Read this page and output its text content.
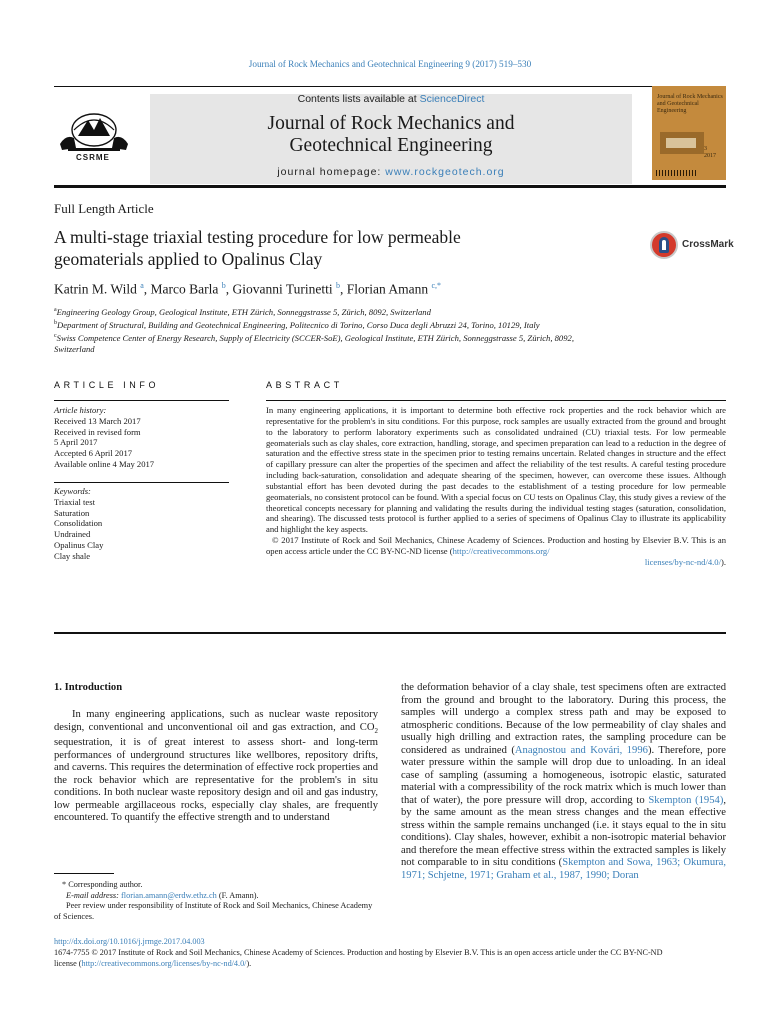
Journal of Rock Mechanics and Geotechnical Engineering 9 (2017) 519–530
Contents lists available at ScienceDirect
Journal of Rock Mechanics and
Geotechnical Engineering
journal homepage: www.rockgeotech.org
CSRME
Journal of Rock Mechanics and Geotechnical Engineering
3
2017
Full Length Article
A multi-stage triaxial testing procedure for low permeable
geomaterials applied to Opalinus Clay
CrossMark
Katrin M. Wild $^a$, Marco Barla $^b$, Giovanni Turinetti $^b$, Florian Amann $^{c,*}$
$^a$Engineering Geology Group, Geological Institute, ETH Zürich, Sonneggstrasse 5, Zürich, 8092, Switzerland
$^b$Department of Structural, Building and Geotechnical Engineering, Politecnico di Torino, Corso Duca degli Abruzzi 24, Torino, 10129, Italy
$^c$Swiss Competence Center of Energy Research, Supply of Electricity (SCCER-SoE), Geological Institute, ETH Zürich, Sonneggstrasse 5, Zürich, 8092,
Switzerland
ARTICLE INFO	ABSTRACT
Article history:
Received 13 March 2017
Received in revised form
5 April 2017
Accepted 6 April 2017
Available online 4 May 2017
Keywords:
Triaxial test
Saturation
Consolidation
Undrained
Opalinus Clay
Clay shale

In many engineering applications, it is important to determine both effective rock properties and the rock behavior which are representative for the problem's in situ conditions. For this purpose, rock samples are usually extracted from the ground and brought to the laboratory to perform laboratory experiments such as consolidated undrained (CU) triaxial tests. For low permeable geomaterials such as clay shales, core extraction, handling, storage, and specimen preparation can lead to a reduction in the degree of saturation and the effective stress state in the specimen prior to testing remains uncertain. Related changes in structure and the effect of capillary pressure can alter the properties of the specimen and affect the reliability of the test results. A careful testing procedure including back-saturation, consolidation and adequate shearing of the specimen, however, can overcome these issues. Although substantial effort has been devoted during the past decades to the establishment of a testing procedure for low permeable geomaterials, no consistent protocol can be found. With a special focus on CU tests on Opalinus Clay, this study gives a review of the theoretical concepts necessary for planning and validating the results during the individual testing stages (saturation, consolidation, and shearing). The discussed tests protocol is further applied to a series of specimens of Opalinus Clay to illustrate its applicability and highlight the key aspects.

© 2017 Institute of Rock and Soil Mechanics, Chinese Academy of Sciences. Production and hosting by Elsevier B.V. This is an open access article under the CC BY-NC-ND license (http://creativecommons.org/
licenses/by-nc-nd/4.0/).

1. Introduction

In many engineering applications, such as nuclear waste repository design, conventional and unconventional oil and gas extraction, and $CO_2$ sequestration, it is of great interest to assess short- and long-term performances of underground structures like wellbores, repository drifts, and caverns. This requires the determination of effective rock properties and the rock behavior which are representative for the problem's in situ conditions. In both nuclear waste repository design and oil and gas industry, low permeable argillaceous rocks, especially clay shales, are frequently encountered. To quantify the effective strength and to understand

the deformation behavior of a clay shale, test specimens often are extracted from the ground and brought to the laboratory. During this process, the samples will undergo a complex stress path and may be exposed to atmospheric conditions. Because of the low permeability of clay shales and usually high drilling and extraction rates, the sampling procedure can be considered as undrained (Anagnostou and Kovári, 1996). Therefore, pore water pressure within the sample will drop due to unloading. In an ideal case of sampling (assuming a homogeneous, isotropic elastic, saturated material with a compressibility of the rock matrix which is much lower than that of water), the pore pressure will drop, according to Skempton (1954), by the same amount as the mean stress changes and the mean effective stress within the sample remains unchanged (i.e. it stays equal to the in situ conditions). Clay shales, however, exhibit a non-isotropic material behavior and therefore the mean effective stress within the extracted samples is likely not comparable to in situ conditions (Skempton and Sowa, 1963; Okumura, 1971; Schjetne, 1971; Graham et al., 1987, 1990; Doran

* Corresponding author.

E-mail address: florian.amann@erdw.ethz.ch (F. Amann).

Peer review under responsibility of Institute of Rock and Soil Mechanics, Chinese Academy of Sciences.

http://dx.doi.org/10.1016/j.jrmge.2017.04.003

1674-7755 © 2017 Institute of Rock and Soil Mechanics, Chinese Academy of Sciences. Production and hosting by Elsevier B.V. This is an open access article under the CC BY-NC-ND

license (http://creativecommons.org/licenses/by-nc-nd/4.0/).
